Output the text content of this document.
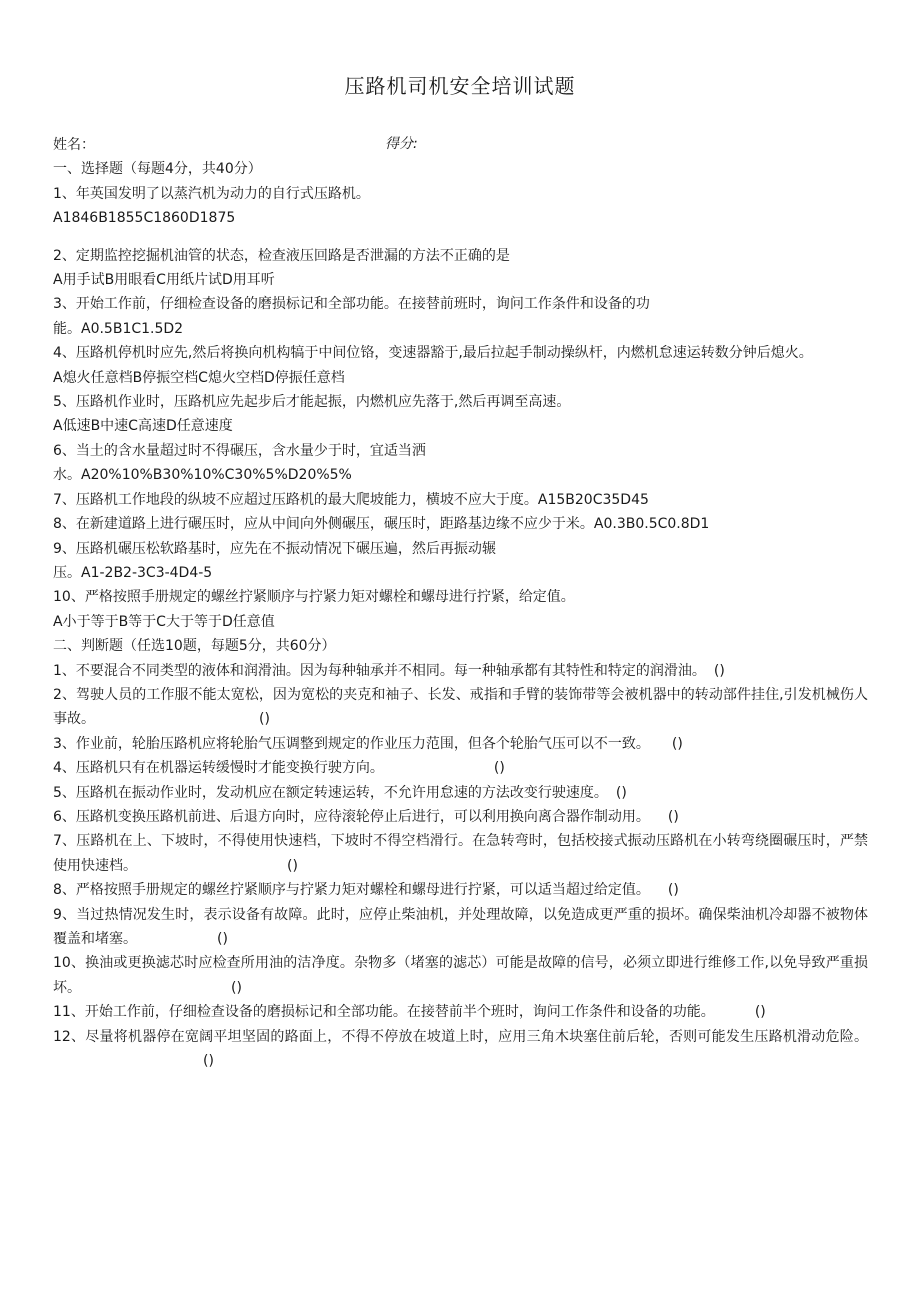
压路机司机安全培训试题
得分:
姓名：
一、选择题（每题4分，共40分）
1、年英国发明了以蒸汽机为动力的自行式压路机。
A1846B1855C1860D1875
2、定期监控挖掘机油管的状态，检查液压回路是否泄漏的方法不正确的是
A用手试B用眼看C用纸片试D用耳听
3、开始工作前，仔细检查设备的磨损标记和全部功能。在接替前班时，询问工作条件和设备的功
能。A0.5B1C1.5D2
4、压路机停机时应先,然后将换向机构犒于中间位铬，变速器豁于,最后拉起手制动操纵杆，内燃机怠速运转数分钟后熄火。
A熄火任意档B停振空档C熄火空档D停振任意档
5、压路机作业时，压路机应先起步后才能起振，内燃机应先落于,然后再调至高速。
A低速B中速C高速D任意速度
6、当土的含水量超过时不得碾压，含水量少于时，宜适当洒
水。A20%10%B30%10%C30%5%D20%5%
7、压路机工作地段的纵坡不应超过压路机的最大爬坡能力，横坡不应大于度。A15B20C35D45
8、在新建道路上进行碾压时，应从中间向外侧碾压，碾压时，距路基边缘不应少于米。A0.3B0.5C0.8D1
9、压路机碾压松软路基时，应先在不振动情况下碾压遍，然后再振动辗
压。A1-2B2-3C3-4D4-5
10、严格按照手册规定的螺丝拧紧顺序与拧紧力矩对螺栓和螺母进行拧紧，给定值。
A小于等于B等于C大于等于D任意值
二、判断题（任选10题，每题5分，共60分）
1、不要混合不同类型的液体和润滑油。因为每种轴承并不相同。每一种轴承都有其特性和特定的润滑油。 ()
2、驾驶人员的工作服不能太宽松，因为宽松的夹克和袖子、长发、戒指和手臂的装饰带等会被机器中的转动部件挂住,引发机械伤人事故。	()
3、作业前，轮胎压路机应将轮胎气压调整到规定的作业压力范围，但各个轮胎气压可以不一致。 ()
4、压路机只有在机器运转缓慢时才能变换行驶方向。	()
5、压路机在振动作业时，发动机应在额定转速运转，不允许用怠速的方法改变行驶速度。 ()
6、压路机变换压路机前进、后退方向时，应待滚轮停止后进行，可以利用换向离合器作制动用。 ()
7、压路机在上、下坡时，不得使用快速档，下坡时不得空档滑行。在急转弯时，包括校接式振动压路机在小转弯绕圈碾压时，严禁使用快速档。	()
8、严格按照手册规定的螺丝拧紧顺序与拧紧力矩对螺栓和螺母进行拧紧，可以适当超过给定值。 ()
9、当过热情况发生时，表示设备有故障。此时，应停止柴油机，并处理故障，以免造成更严重的损坏。确保柴油机冷却器不被物体覆盖和堵塞。	()
10、换油或更换滤芯时应检查所用油的洁净度。杂物多（堵塞的滤芯）可能是故障的信号，必须立即进行维修工作,以免导致严重损坏。	()
11、开始工作前，仔细检查设备的磨损标记和全部功能。在接替前半个班时，询问工作条件和设备的功能。	()
12、尽量将机器停在宽阔平坦坚固的路面上，不得不停放在坡道上时，应用三角木块塞住前后轮，否则可能发生压路机滑动危险。()
